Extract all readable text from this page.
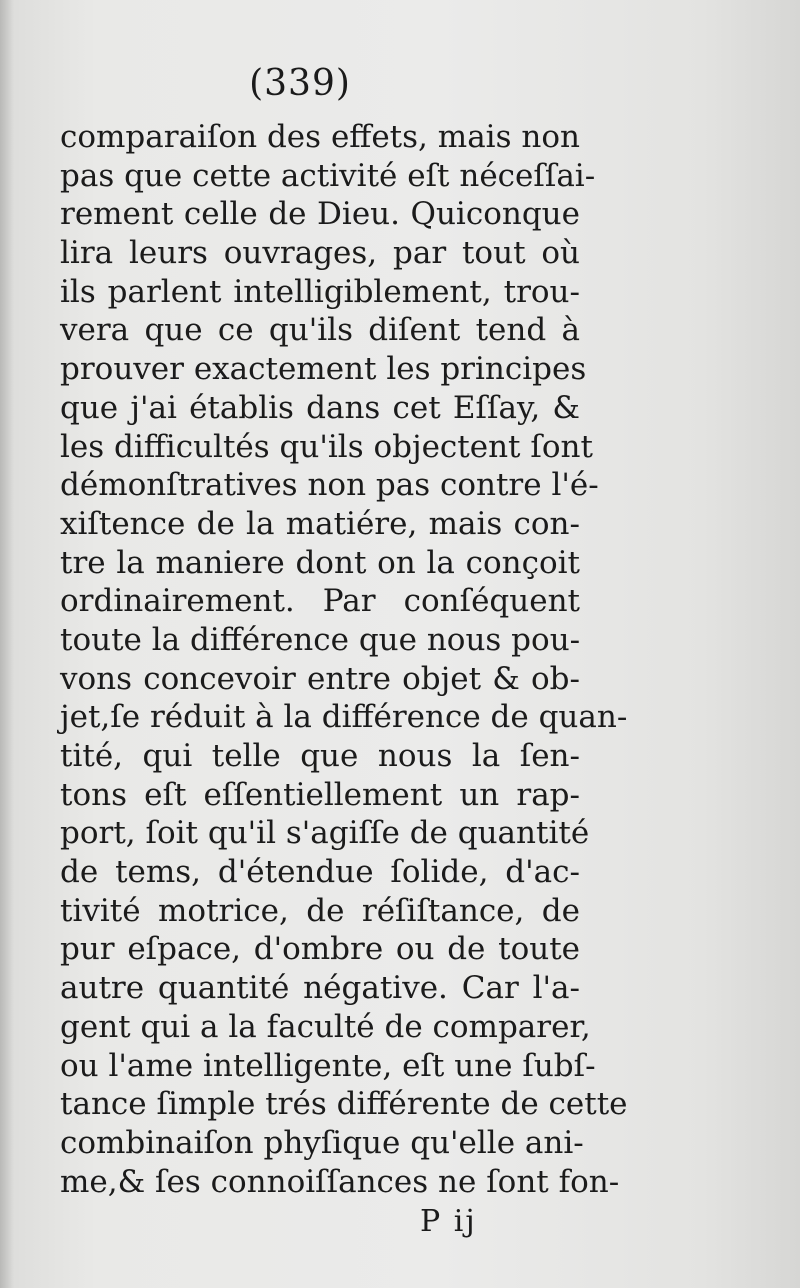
(339)
comparaiſon des effets, mais non
pas que cette activité eſt néceſſai-
rement celle de Dieu. Quiconque
lira leurs ouvrages, par tout où
ils parlent intelligiblement, trou-
vera que ce qu'ils diſent tend à
prouver exactement les principes
que j'ai établis dans cet Eſſay, &
les difficultés qu'ils objectent ſont
démonſtratives non pas contre l'é-
xiſtence de la matiére, mais con-
tre la maniere dont on la conçoit
ordinairement. Par conſéquent
toute la différence que nous pou-
vons concevoir entre objet & ob-
jet,ſe réduit à la différence de quan-
tité, qui telle que nous la ſen-
tons eſt eſſentiellement un rap-
port, ſoit qu'il s'agiſſe de quantité
de tems, d'étendue ſolide, d'ac-
tivité motrice, de réſiſtance, de
pur eſpace, d'ombre ou de toute
autre quantité négative. Car l'a-
gent qui a la faculté de comparer,
ou l'ame intelligente, eſt une ſubſ-
tance ſimple trés différente de cette
combinaiſon phyſique qu'elle ani-
me,& ſes connoiſſances ne ſont fon-
P ij
